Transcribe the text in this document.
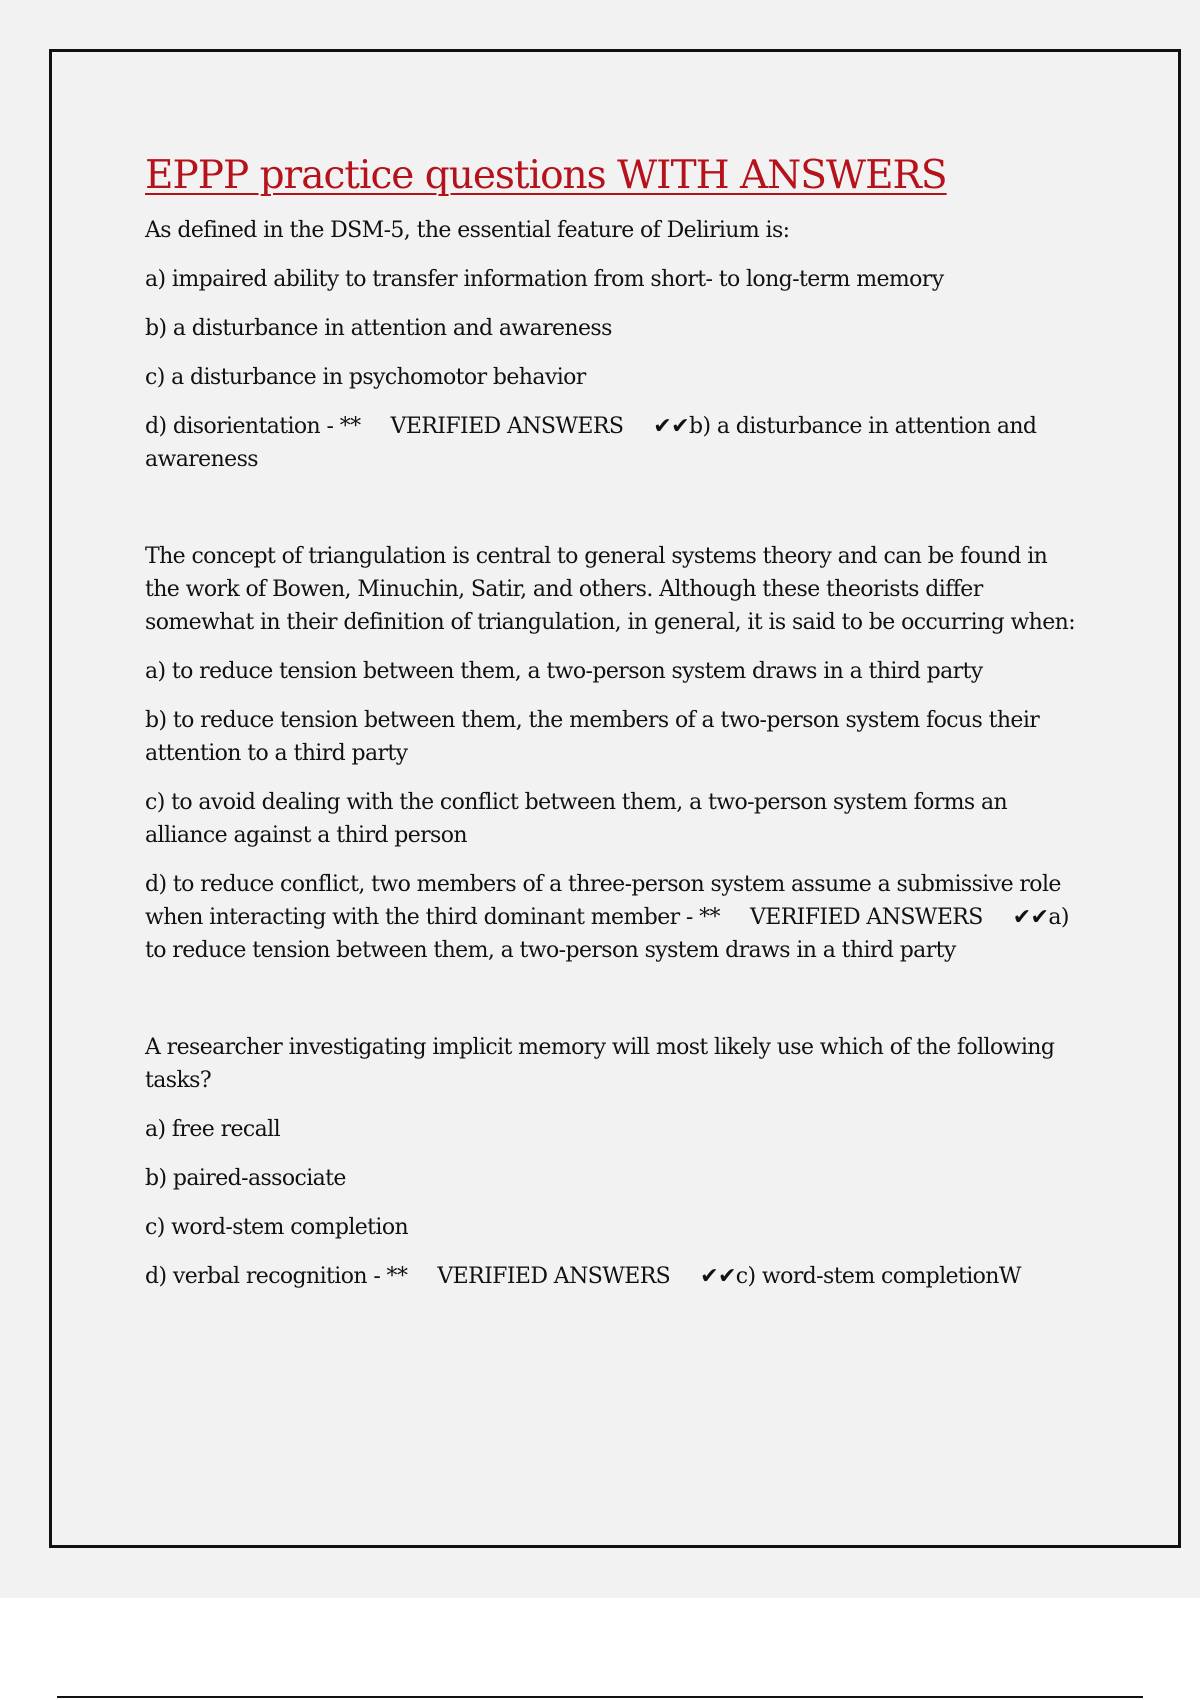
EPPP practice questions WITH ANSWERS

As defined in the DSM-5, the essential feature of Delirium is:

a) impaired ability to transfer information from short- to long-term memory

b) a disturbance in attention and awareness

c) a disturbance in psychomotor behavior

d) disorientation - ** VERIFIED ANSWERS ✔✔b) a disturbance in attention and awareness

The concept of triangulation is central to general systems theory and can be found in the work of Bowen, Minuchin, Satir, and others. Although these theorists differ somewhat in their definition of triangulation, in general, it is said to be occurring when:

a) to reduce tension between them, a two-person system draws in a third party

b) to reduce tension between them, the members of a two-person system focus their attention to a third party

c) to avoid dealing with the conflict between them, a two-person system forms an alliance against a third person

d) to reduce conflict, two members of a three-person system assume a submissive role when interacting with the third dominant member - ** VERIFIED ANSWERS ✔✔a) to reduce tension between them, a two-person system draws in a third party

A researcher investigating implicit memory will most likely use which of the following tasks?

a) free recall

b) paired-associate

c) word-stem completion

d) verbal recognition - ** VERIFIED ANSWERS ✔✔c) word-stem completionW
